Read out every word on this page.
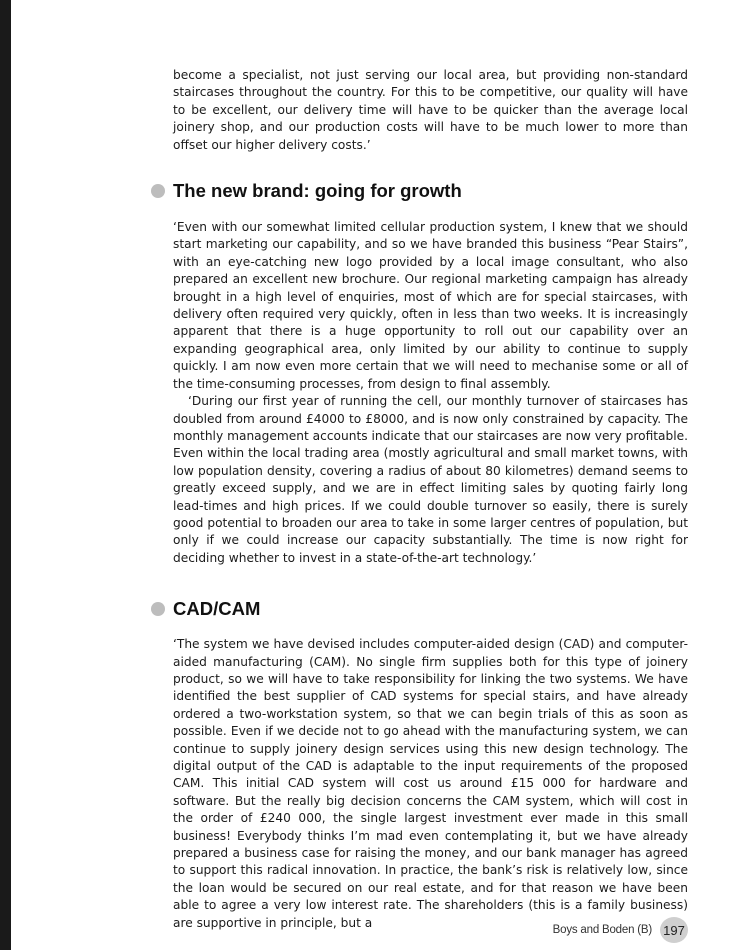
become a specialist, not just serving our local area, but providing non-standard staircases throughout the country. For this to be competitive, our quality will have to be excellent, our delivery time will have to be quicker than the average local joinery shop, and our production costs will have to be much lower to more than offset our higher delivery costs.’

The new brand: going for growth

‘Even with our somewhat limited cellular production system, I knew that we should start marketing our capability, and so we have branded this business “Pear Stairs”, with an eye-catching new logo provided by a local image consultant, who also prepared an excellent new brochure. Our regional marketing campaign has already brought in a high level of enquiries, most of which are for special staircases, with delivery often required very quickly, often in less than two weeks. It is increasingly apparent that there is a huge opportunity to roll out our capability over an expanding geographical area, only limited by our ability to continue to supply quickly. I am now even more certain that we will need to mechanise some or all of the time-consuming processes, from design to final assembly.

‘During our first year of running the cell, our monthly turnover of staircases has doubled from around £4000 to £8000, and is now only constrained by capacity. The monthly management accounts indicate that our staircases are now very profitable. Even within the local trading area (mostly agricultural and small market towns, with low population density, covering a radius of about 80 kilometres) demand seems to greatly exceed supply, and we are in effect limiting sales by quoting fairly long lead-times and high prices. If we could double turnover so easily, there is surely good potential to broaden our area to take in some larger centres of population, but only if we could increase our capacity substantially. The time is now right for deciding whether to invest in a state-of-the-art technology.’

CAD/CAM

‘The system we have devised includes computer-aided design (CAD) and computer-aided manufacturing (CAM). No single firm supplies both for this type of joinery product, so we will have to take responsibility for linking the two systems. We have identified the best supplier of CAD systems for special stairs, and have already ordered a two-workstation system, so that we can begin trials of this as soon as possible. Even if we decide not to go ahead with the manufacturing system, we can continue to supply joinery design services using this new design technology. The digital output of the CAD is adaptable to the input requirements of the proposed CAM. This initial CAD system will cost us around £15 000 for hardware and software. But the really big decision concerns the CAM system, which will cost in the order of £240 000, the single largest investment ever made in this small business! Everybody thinks I’m mad even contemplating it, but we have already prepared a business case for raising the money, and our bank manager has agreed to support this radical innovation. In practice, the bank’s risk is relatively low, since the loan would be secured on our real estate, and for that reason we have been able to agree a very low interest rate. The shareholders (this is a family business) are supportive in principle, but a

Boys and Boden (B) 197
